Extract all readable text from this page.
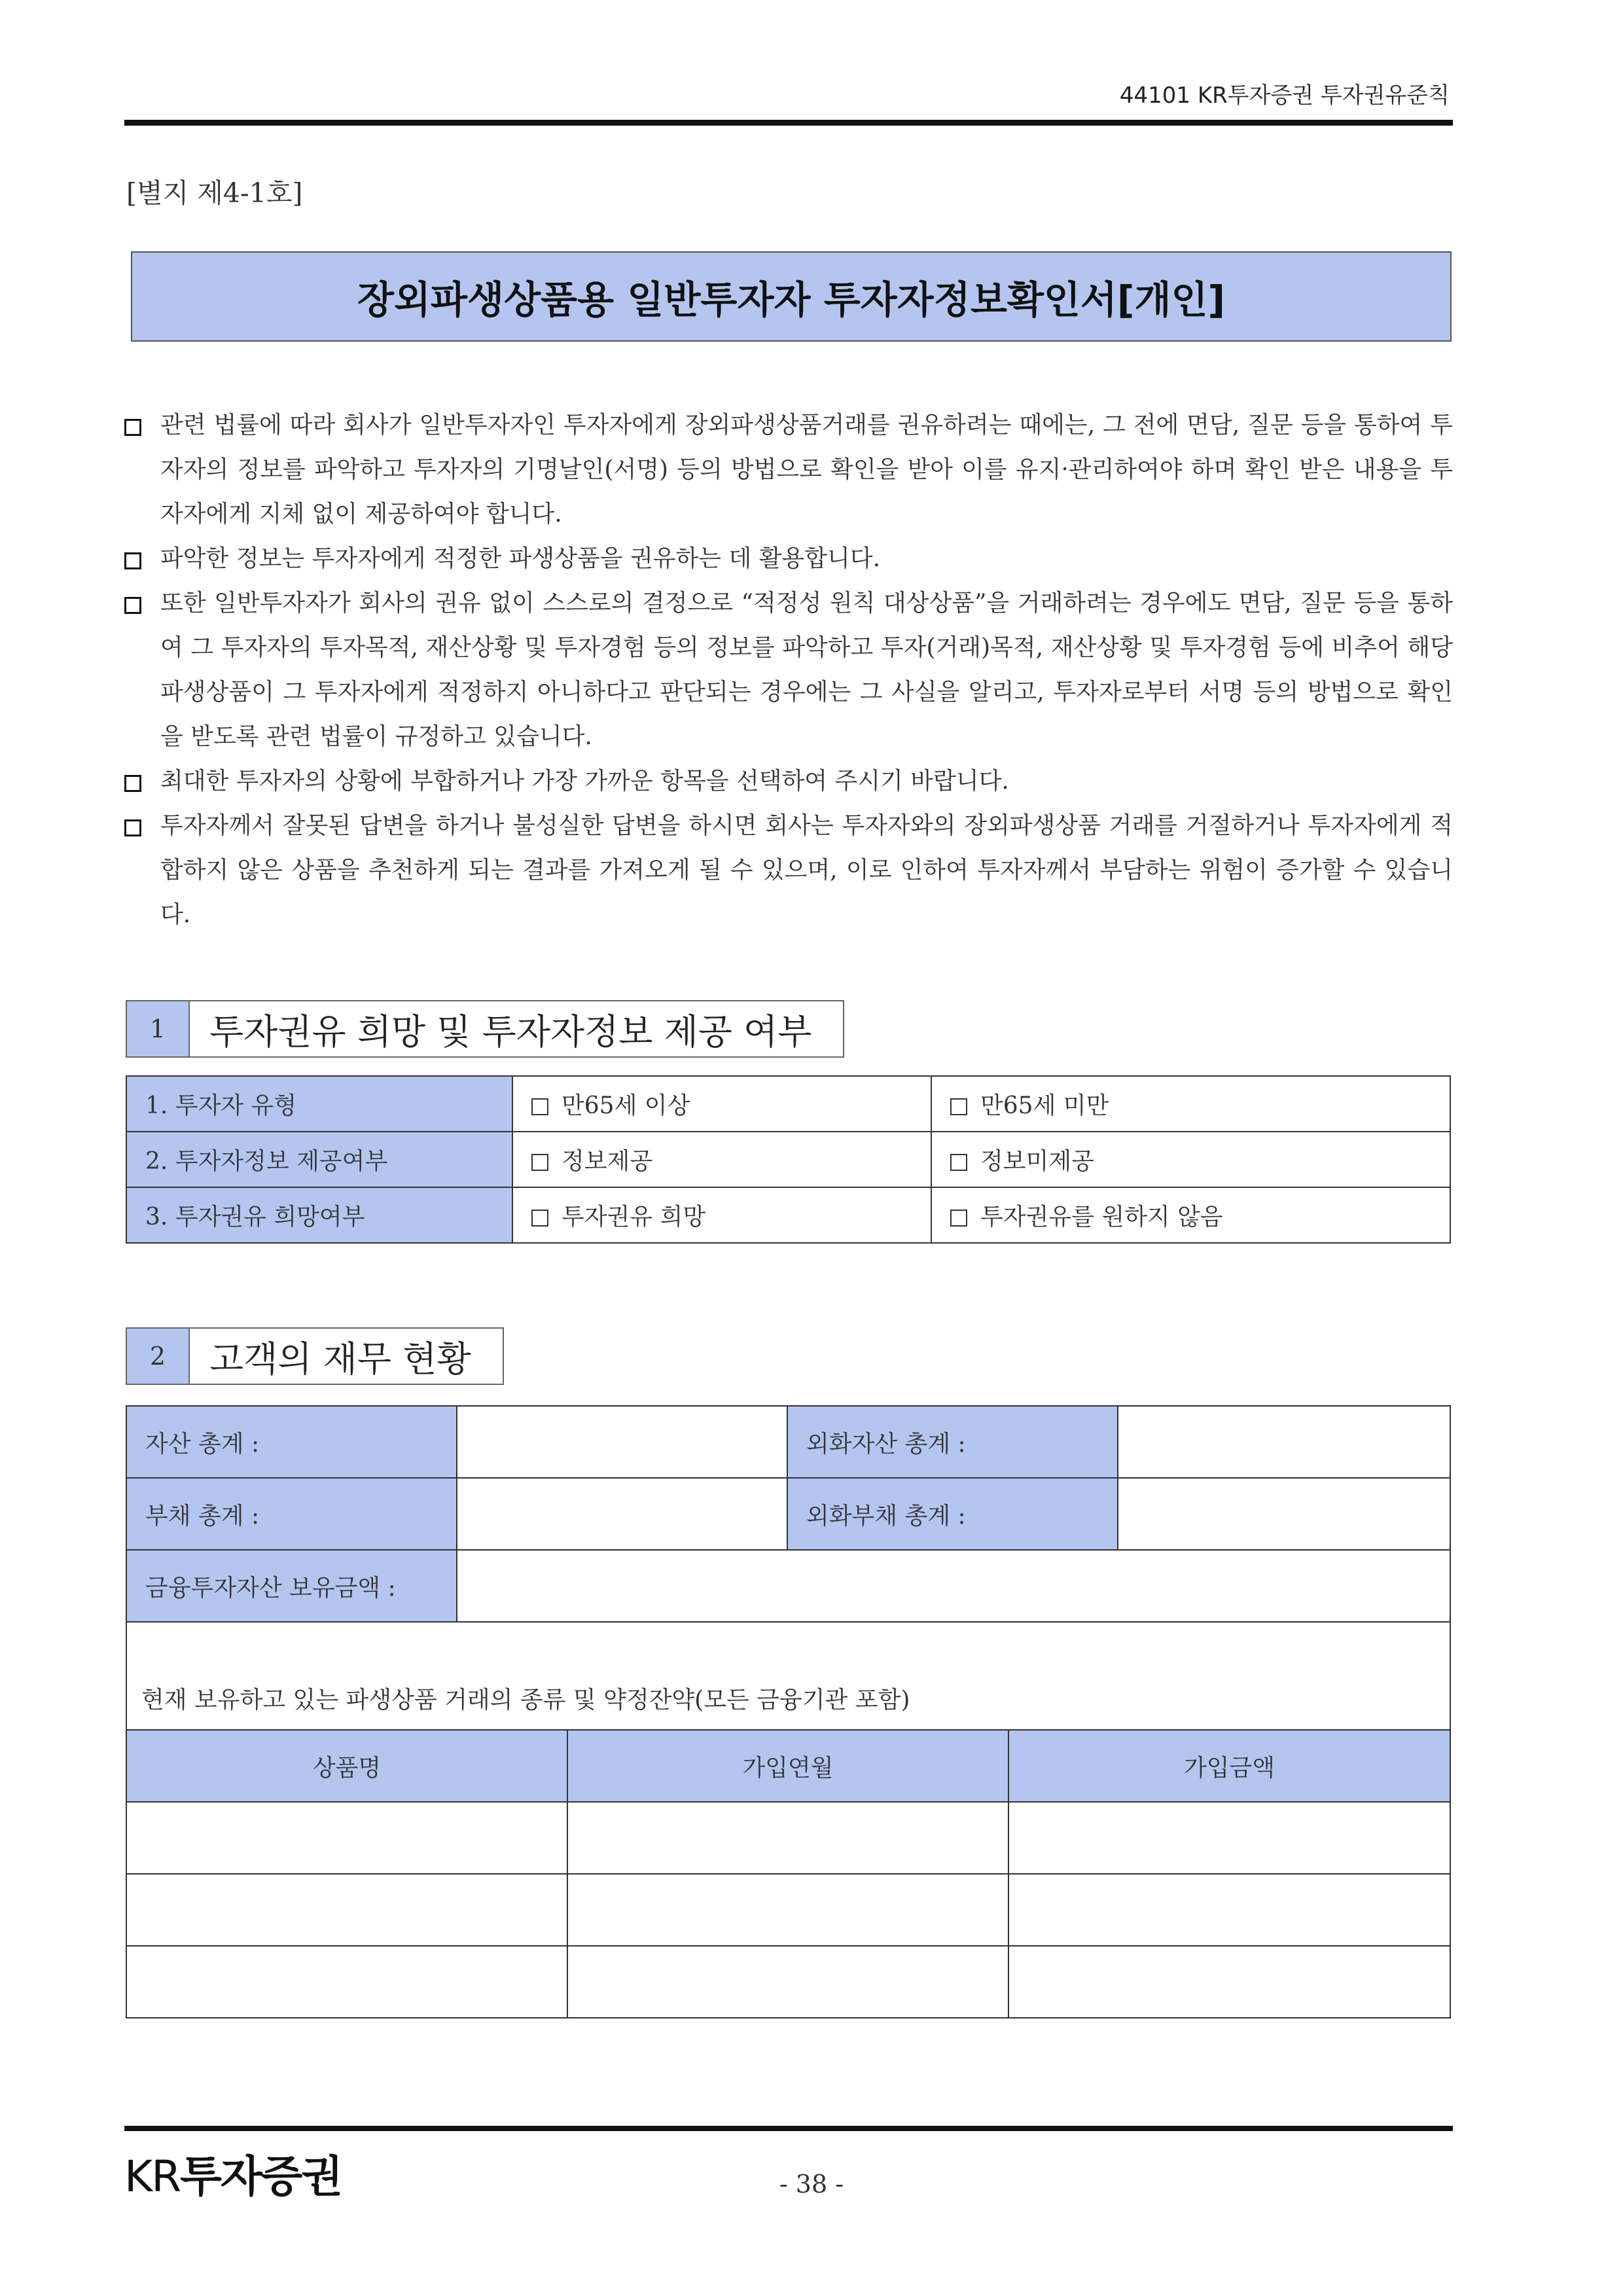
44101 KR투자증권 투자권유준칙
[별지 제4-1호]
장외파생상품용 일반투자자 투자자정보확인서[개인]
관련 법률에 따라 회사가 일반투자자인 투자자에게 장외파생상품거래를 권유하려는 때에는, 그 전에 면담, 질문 등을 통하여 투자자의 정보를 파악하고 투자자의 기명날인(서명) 등의 방법으로 확인을 받아 이를 유지·관리하여야 하며 확인 받은 내용을 투자자에게 지체 없이 제공하여야 합니다.
파악한 정보는 투자자에게 적정한 파생상품을 권유하는 데 활용합니다.
또한 일반투자자가 회사의 권유 없이 스스로의 결정으로 “적정성 원칙 대상상품”을 거래하려는 경우에도 면담, 질문 등을 통하여 그 투자자의 투자목적, 재산상황 및 투자경험 등의 정보를 파악하고 투자(거래)목적, 재산상황 및 투자경험 등에 비추어 해당 파생상품이 그 투자자에게 적정하지 아니하다고 판단되는 경우에는 그 사실을 알리고, 투자자로부터 서명 등의 방법으로 확인을 받도록 관련 법률이 규정하고 있습니다.
최대한 투자자의 상황에 부합하거나 가장 가까운 항목을 선택하여 주시기 바랍니다.
투자자께서 잘못된 답변을 하거나 불성실한 답변을 하시면 회사는 투자자와의 장외파생상품 거래를 거절하거나 투자자에게 적합하지 않은 상품을 추천하게 되는 결과를 가져오게 될 수 있으며, 이로 인하여 투자자께서 부담하는 위험이 증가할 수 있습니다.
1	투자권유 희망 및 투자자정보 제공 여부
1. 투자자 유형	만65세 이상	만65세 미만
2. 투자자정보 제공여부	정보제공	정보미제공
3. 투자권유 희망여부	투자권유 희망	투자권유를 원하지 않음
2	고객의 재무 현황
자산 총계 :		외화자산 총계 :	
부채 총계 :		외화부채 총계 :	
금융투자자산 보유금액 :			
현재 보유하고 있는 파생상품 거래의 종류 및 약정잔약(모든 금융기관 포함)		
상품명	가입연월	가입금액

KR투자증권	- 38 -
